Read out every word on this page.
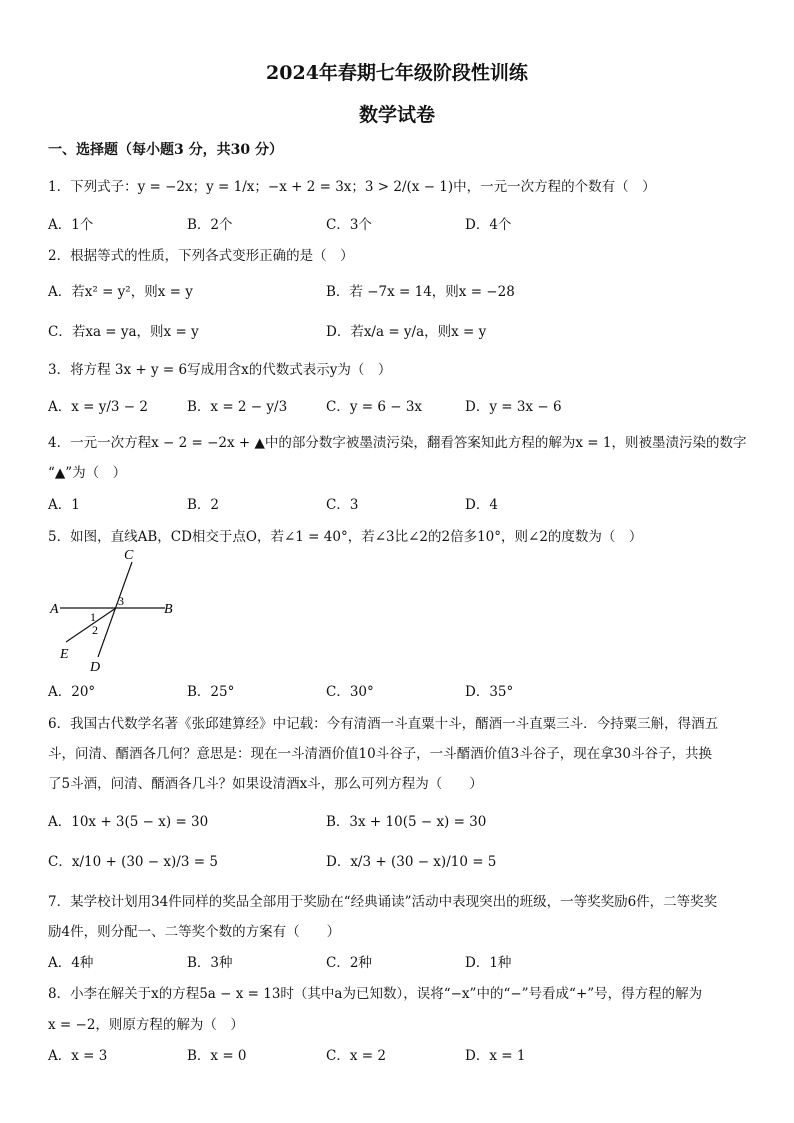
2024年春期七年级阶段性训练
数学试卷
一、选择题（每小题3 分，共30 分）
1．下列式子：y = −2x；y = 1/x；−x + 2 = 3x；3 > 2/(x − 1)中，一元一次方程的个数有（　）
A．1个	B．2个	C．3个	D．4个
2．根据等式的性质，下列各式变形正确的是（　）
A．若x² = y²，则x = y	B．若 −7x = 14，则x = −28
C．若xa = ya，则x = y	D．若x/a = y/a，则x = y
3．将方程 3x + y = 6写成用含x的代数式表示y为（　）
A．x = y/3 − 2	B．x = 2 − y/3	C．y = 6 − 3x	D．y = 3x − 6
4．一元一次方程x − 2 = −2x + ▲中的部分数字被墨渍污染，翻看答案知此方程的解为x = 1，则被墨渍污染的数字
“▲”为（　）
A．1	B．2	C．3	D．4
5．如图，直线AB，CD相交于点O，若∠1 = 40°，若∠3比∠2的2倍多10°，则∠2的度数为（　）
C
3
A	1	B
2
E
D
A．20°	B．25°	C．30°	D．35°
6．我国古代数学名著《张邱建算经》中记载：今有清酒一斗直粟十斗，醑酒一斗直粟三斗．今持粟三斛，得酒五
斗，问清、醑酒各几何？意思是：现在一斗清酒价值10斗谷子，一斗醑酒价值3斗谷子，现在拿30斗谷子，共换
了5斗酒，问清、醑酒各几斗？如果设清酒x斗，那么可列方程为（　　）
A．10x + 3(5 − x) = 30	B．3x + 10(5 − x) = 30
C．x/10 + (30 − x)/3 = 5	D．x/3 + (30 − x)/10 = 5
7．某学校计划用34件同样的奖品全部用于奖励在“经典诵读”活动中表现突出的班级，一等奖奖励6件，二等奖奖
励4件，则分配一、二等奖个数的方案有（　　）
A．4种	B．3种	C．2种	D．1种
8．小李在解关于x的方程5a − x = 13时（其中a为已知数），误将“−x”中的“−”号看成“+”号，得方程的解为
x = −2，则原方程的解为（　）
A．x = 3	B．x = 0	C．x = 2	D．x = 1
